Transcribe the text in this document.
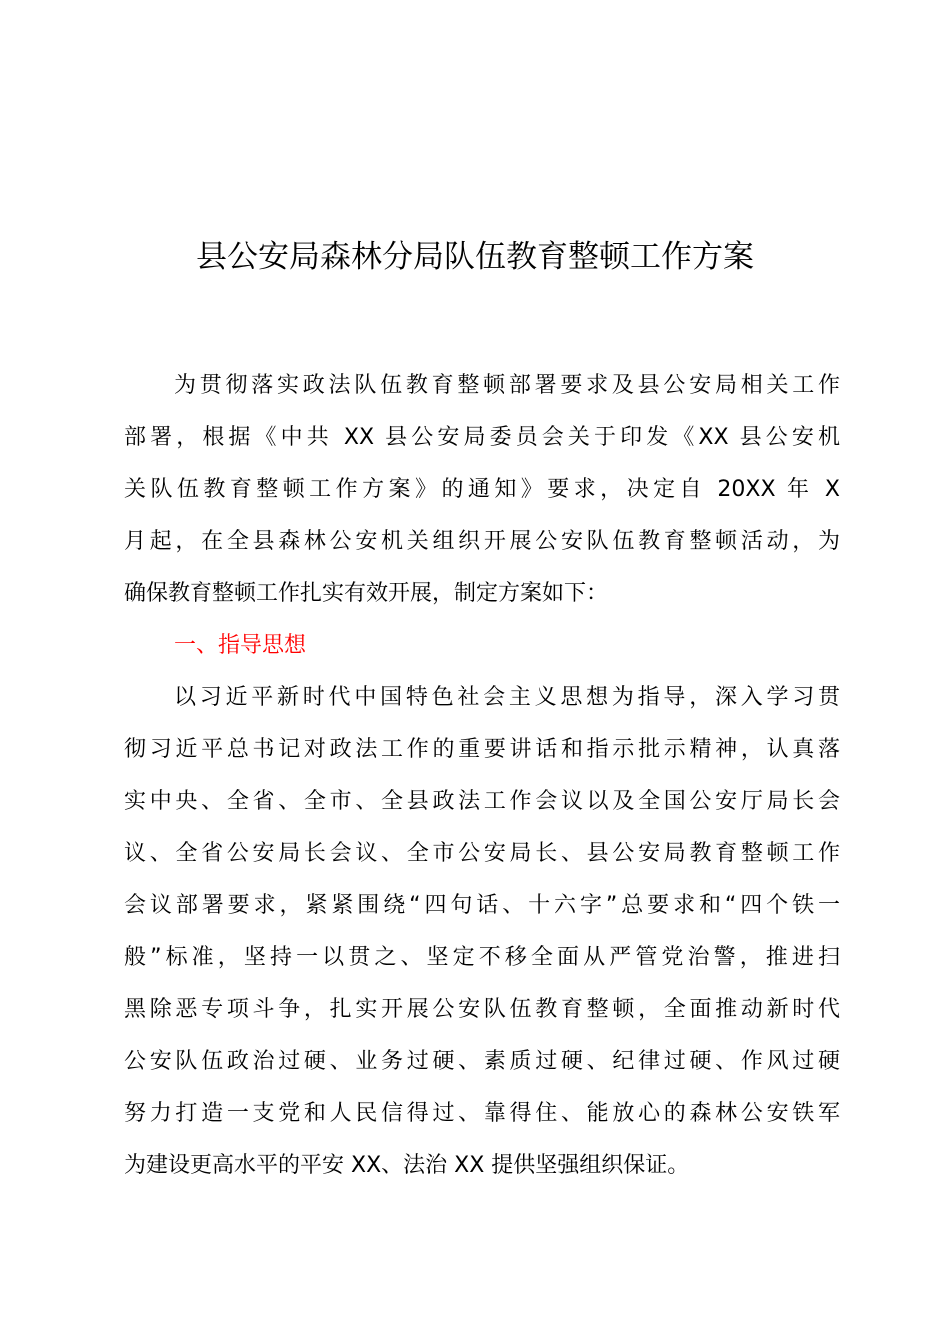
县公安局森林分局队伍教育整顿工作方案
为贯彻落实政法队伍教育整顿部署要求及县公安局相关工作
部署，根据《中共 XX 县公安局委员会关于印发《XX 县公安机
关队伍教育整顿工作方案》的通知》要求，决定自 20XX 年 X
月起，在全县森林公安机关组织开展公安队伍教育整顿活动，为
确保教育整顿工作扎实有效开展，制定方案如下：
一、指导思想
以习近平新时代中国特色社会主义思想为指导，深入学习贯
彻习近平总书记对政法工作的重要讲话和指示批示精神，认真落
实中央、全省、全市、全县政法工作会议以及全国公安厅局长会
议、全省公安局长会议、全市公安局长、县公安局教育整顿工作
会议部署要求，紧紧围绕“四句话、十六字”总要求和“四个铁一
般”标准，坚持一以贯之、坚定不移全面从严管党治警，推进扫
黑除恶专项斗争，扎实开展公安队伍教育整顿，全面推动新时代
公安队伍政治过硬、业务过硬、素质过硬、纪律过硬、作风过硬
努力打造一支党和人民信得过、靠得住、能放心的森林公安铁军
为建设更高水平的平安 XX、法治 XX 提供坚强组织保证。
